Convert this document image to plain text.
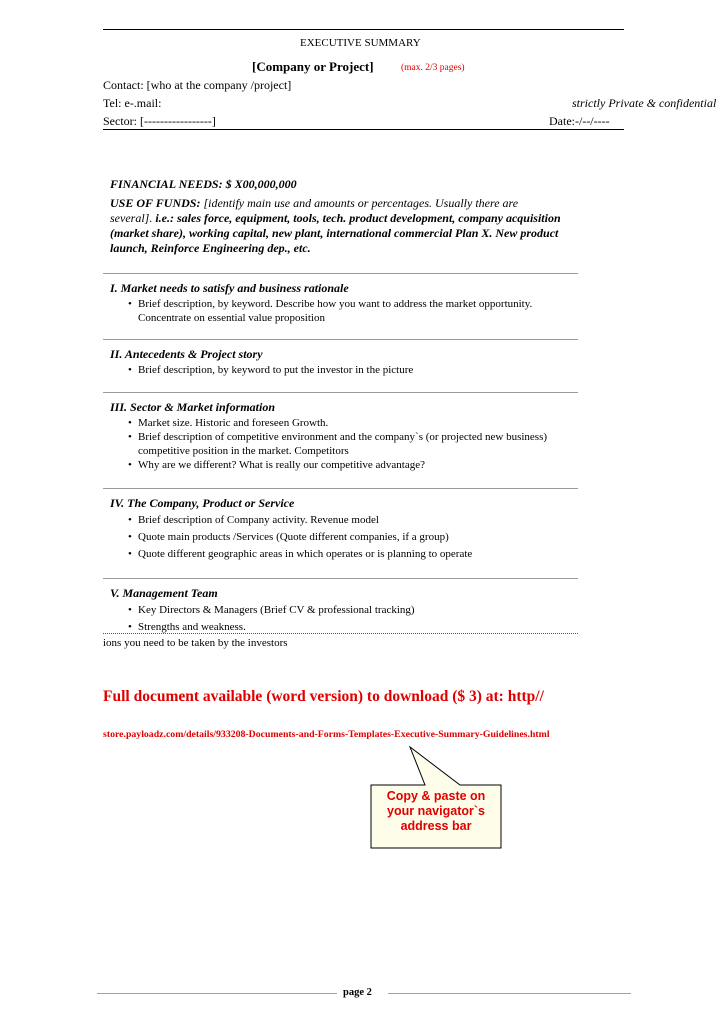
EXECUTIVE SUMMARY
[Company or Project]	(max. 2/3 pages)
Contact: [who at the company /project]
Tel: e-.mail:	strictly Private & confidential
Sector: [-----------------]	Date:-/--/----
FINANCIAL NEEDS: $ X00,000,000
USE OF FUNDS: [identify main use and amounts or percentages. Usually there are
several]. i.e.: sales force, equipment, tools, tech. product development, company acquisition
(market share), working capital, new plant, international commercial Plan X. New product
launch, Reinforce Engineering dep., etc.
I. Market needs to satisfy and business rationale
• Brief description, by keyword. Describe how you want to address the market opportunity. Concentrate on essential value proposition
II. Antecedents & Project story
• Brief description, by keyword to put the investor in the picture
III. Sector & Market information
• Market size. Historic and foreseen Growth.
• Brief description of competitive environment and the company`s (or projected new business) competitive position in the market. Competitors
• Why are we different? What is really our competitive advantage?
IV. The Company, Product or Service
• Brief description of Company activity. Revenue model
• Quote main products /Services (Quote different companies, if a group)
• Quote different geographic areas in which operates or is planning to operate
V. Management Team
• Key Directors & Managers (Brief CV & professional tracking)
• Strengths and weakness.
ions you need to be taken by the investors
Full document available (word version) to download ($ 3) at: http//
store.payloadz.com/details/933208-Documents-and-Forms-Templates-Executive-Summary-Guidelines.html
Copy & paste on
your navigator`s
address bar
page 2
